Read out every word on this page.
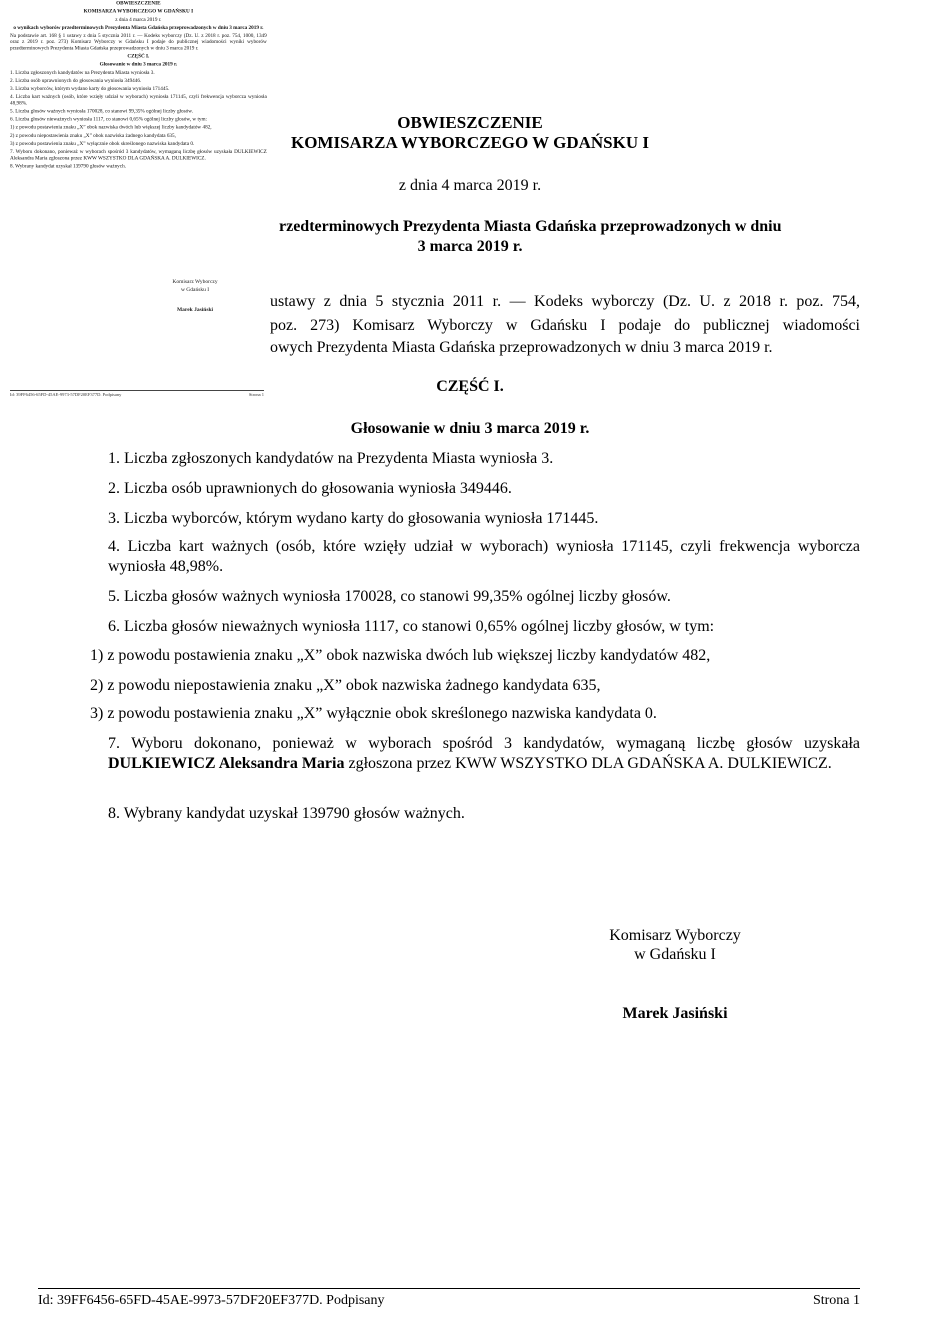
OBWIESZCZENIE
KOMISARZA WYBORCZEGO W GDAŃSKU I
z dnia 4 marca 2019 r.
rzedterminowych Prezydenta Miasta Gdańska przeprowadzonych w dniu
3 marca 2019 r.
ustawy z dnia 5 stycznia 2011 r. — Kodeks wyborczy (Dz. U. z 2018 r. poz. 754,
poz. 273) Komisarz Wyborczy w Gdańsku I podaje do publicznej wiadomości
owych Prezydenta Miasta Gdańska przeprowadzonych w dniu 3 marca 2019 r.
CZĘŚĆ I.
Głosowanie w dniu 3 marca 2019 r.
1. Liczba zgłoszonych kandydatów na Prezydenta Miasta wyniosła 3.
2. Liczba osób uprawnionych do głosowania wyniosła 349446.
3. Liczba wyborców, którym wydano karty do głosowania wyniosła 171445.
4. Liczba kart ważnych (osób, które wzięły udział w wyborach) wyniosła 171145, czyli frekwencja wyborcza wyniosła 48,98%.
5. Liczba głosów ważnych wyniosła 170028, co stanowi 99,35% ogólnej liczby głosów.
6. Liczba głosów nieważnych wyniosła 1117, co stanowi 0,65% ogólnej liczby głosów, w tym:
1) z powodu postawienia znaku „X” obok nazwiska dwóch lub większej liczby kandydatów 482,
2) z powodu niepostawienia znaku „X” obok nazwiska żadnego kandydata 635,
3) z powodu postawienia znaku „X” wyłącznie obok skreślonego nazwiska kandydata 0.
7. Wyboru dokonano, ponieważ w wyborach spośród 3 kandydatów, wymaganą liczbę głosów uzyskała DULKIEWICZ Aleksandra Maria zgłoszona przez KWW WSZYSTKO DLA GDAŃSKA A. DULKIEWICZ.
8. Wybrany kandydat uzyskał 139790 głosów ważnych.
Komisarz Wyborczy
w Gdańsku I
Marek Jasiński
Id: 39FF6456-65FD-45AE-9973-57DF20EF377D. Podpisany	Strona 1

OBWIESZCZENIE

KOMISARZA WYBORCZEGO W GDAŃSKU I

z dnia 4 marca 2019 r.

o wynikach wyborów przedterminowych Prezydenta Miasta Gdańska przeprowadzonych w dniu 3 marca 2019 r.

Na podstawie art. 168 § 1 ustawy z dnia 5 stycznia 2011 r. — Kodeks wyborczy (Dz. U. z 2018 r. poz. 754, 1000, 1349 oraz z 2019 r. poz. 273) Komisarz Wyborczy w Gdańsku I podaje do publicznej wiadomości wyniki wyborów przedterminowych Prezydenta Miasta Gdańska przeprowadzonych w dniu 3 marca 2019 r.

CZĘŚĆ I.

Głosowanie w dniu 3 marca 2019 r.

1. Liczba zgłoszonych kandydatów na Prezydenta Miasta wyniosła 3.

2. Liczba osób uprawnionych do głosowania wyniosła 349446.

3. Liczba wyborców, którym wydano karty do głosowania wyniosła 171445.

4. Liczba kart ważnych (osób, które wzięły udział w wyborach) wyniosła 171145, czyli frekwencja wyborcza wyniosła 48,98%.

5. Liczba głosów ważnych wyniosła 170028, co stanowi 99,35% ogólnej liczby głosów.

6. Liczba głosów nieważnych wyniosła 1117, co stanowi 0,65% ogólnej liczby głosów, w tym:

1) z powodu postawienia znaku „X” obok nazwiska dwóch lub większej liczby kandydatów 482,

2) z powodu niepostawienia znaku „X” obok nazwiska żadnego kandydata 635,

3) z powodu postawienia znaku „X” wyłącznie obok skreślonego nazwiska kandydata 0.

7. Wyboru dokonano, ponieważ w wyborach spośród 3 kandydatów, wymaganą liczbę głosów uzyskała DULKIEWICZ Aleksandra Maria zgłoszona przez KWW WSZYSTKO DLA GDAŃSKA A. DULKIEWICZ.

8. Wybrany kandydat uzyskał 139790 głosów ważnych.

Komisarz Wyborczy
w Gdańsku I
Marek Jasiński
Id: 39FF6456-65FD-45AE-9973-57DF20EF377D. Podpisany	Strona 1
